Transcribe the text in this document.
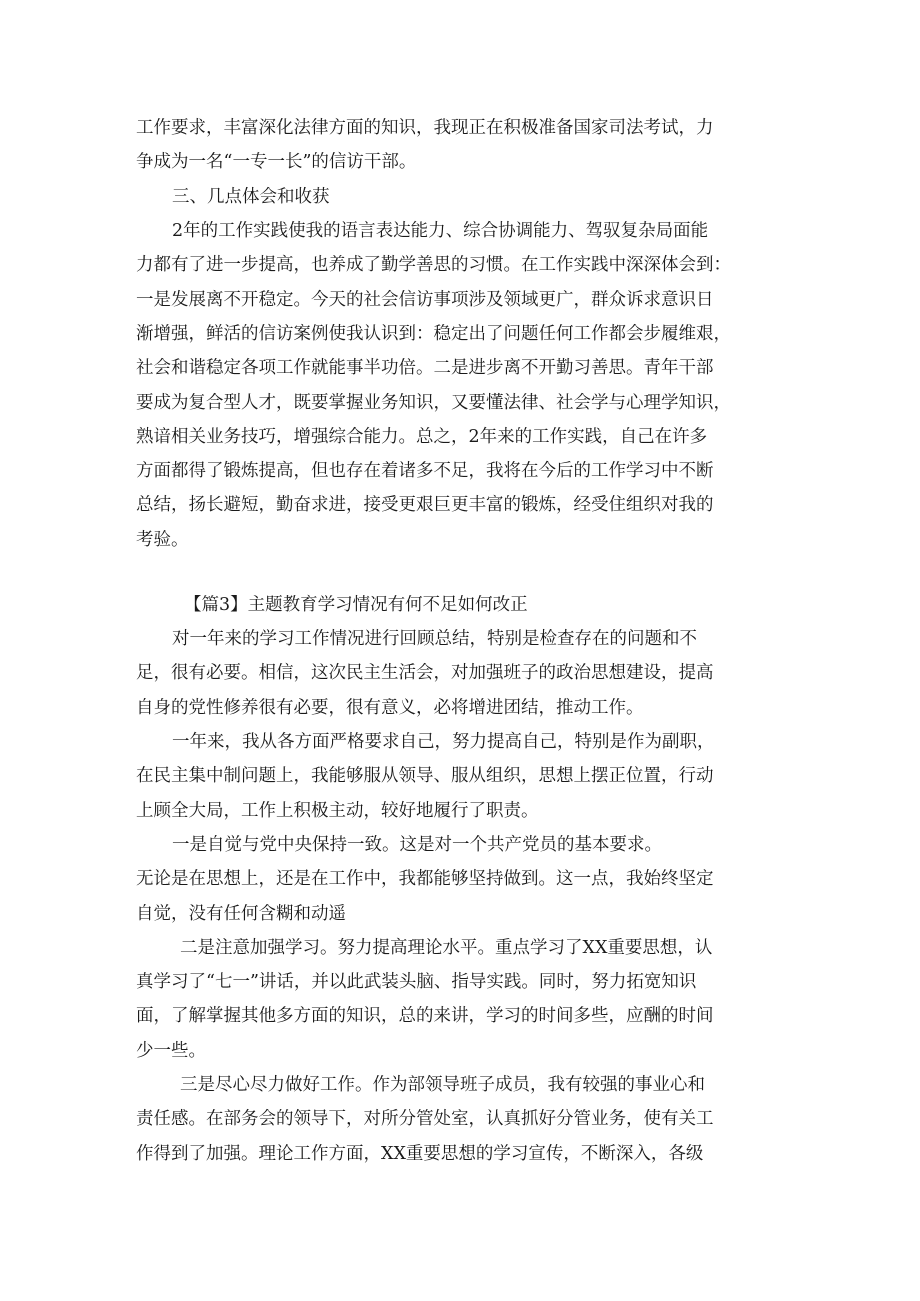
工作要求，丰富深化法律方面的知识，我现正在积极准备国家司法考试，力
争成为一名“一专一长”的信访干部。
三、几点体会和收获
2年的工作实践使我的语言表达能力、综合协调能力、驾驭复杂局面能
力都有了进一步提高，也养成了勤学善思的习惯。在工作实践中深深体会到：
一是发展离不开稳定。今天的社会信访事项涉及领域更广，群众诉求意识日
渐增强，鲜活的信访案例使我认识到：稳定出了问题任何工作都会步履维艰，
社会和谐稳定各项工作就能事半功倍。二是进步离不开勤习善思。青年干部
要成为复合型人才，既要掌握业务知识，又要懂法律、社会学与心理学知识，
熟谙相关业务技巧，增强综合能力。总之，2年来的工作实践，自己在许多
方面都得了锻炼提高，但也存在着诸多不足，我将在今后的工作学习中不断
总结，扬长避短，勤奋求进，接受更艰巨更丰富的锻炼，经受住组织对我的
考验。
【篇3】主题教育学习情况有何不足如何改正
对一年来的学习工作情况进行回顾总结，特别是检查存在的问题和不
足，很有必要。相信，这次民主生活会，对加强班子的政治思想建设，提高
自身的党性修养很有必要，很有意义，必将增进团结，推动工作。
一年来，我从各方面严格要求自己，努力提高自己，特别是作为副职，
在民主集中制问题上，我能够服从领导、服从组织，思想上摆正位置，行动
上顾全大局，工作上积极主动，较好地履行了职责。
一是自觉与党中央保持一致。这是对一个共产党员的基本要求。
无论是在思想上，还是在工作中，我都能够坚持做到。这一点，我始终坚定
自觉，没有任何含糊和动遥
二是注意加强学习。努力提高理论水平。重点学习了XX重要思想，认
真学习了“七一”讲话，并以此武装头脑、指导实践。同时，努力拓宽知识
面，了解掌握其他多方面的知识，总的来讲，学习的时间多些，应酬的时间
少一些。
三是尽心尽力做好工作。作为部领导班子成员，我有较强的事业心和
责任感。在部务会的领导下，对所分管处室，认真抓好分管业务，使有关工
作得到了加强。理论工作方面，XX重要思想的学习宣传，不断深入，各级
